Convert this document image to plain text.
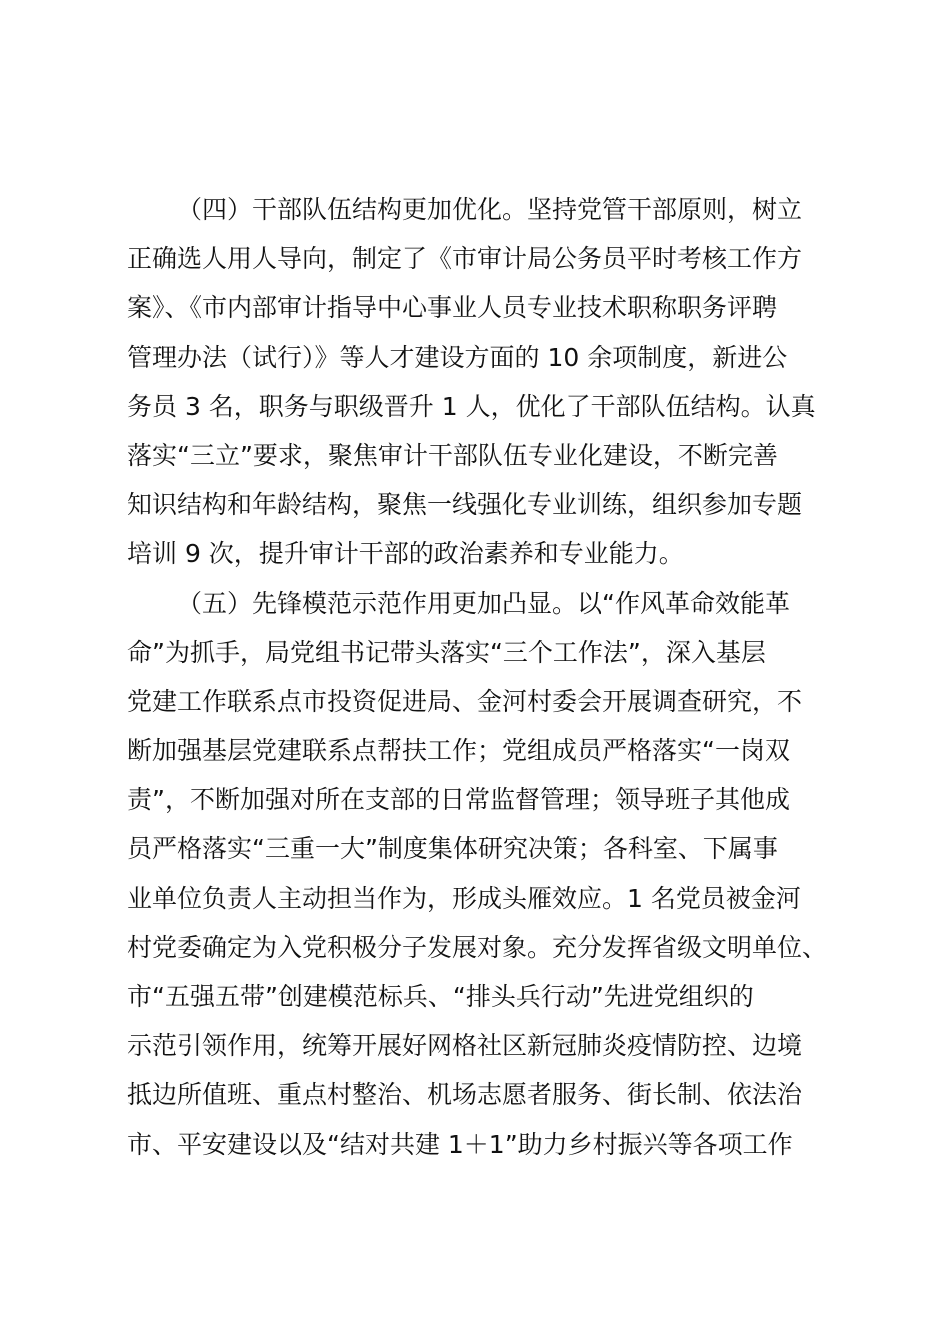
（四）干部队伍结构更加优化。坚持党管干部原则，树立
正确选人用人导向，制定了《市审计局公务员平时考核工作方
案》、《市内部审计指导中心事业人员专业技术职称职务评聘
管理办法（试行）》等人才建设方面的 10 余项制度，新进公
务员 3 名，职务与职级晋升 1 人，优化了干部队伍结构。认真
落实“三立”要求，聚焦审计干部队伍专业化建设，不断完善
知识结构和年龄结构，聚焦一线强化专业训练，组织参加专题
培训 9 次，提升审计干部的政治素养和专业能力。
（五）先锋模范示范作用更加凸显。以“作风革命效能革
命”为抓手，局党组书记带头落实“三个工作法”，深入基层
党建工作联系点市投资促进局、金河村委会开展调查研究，不
断加强基层党建联系点帮扶工作；党组成员严格落实“一岗双
责”，不断加强对所在支部的日常监督管理；领导班子其他成
员严格落实“三重一大”制度集体研究决策；各科室、下属事
业单位负责人主动担当作为，形成头雁效应。1 名党员被金河
村党委确定为入党积极分子发展对象。充分发挥省级文明单位、
市“五强五带”创建模范标兵、“排头兵行动”先进党组织的
示范引领作用，统筹开展好网格社区新冠肺炎疫情防控、边境
抵边所值班、重点村整治、机场志愿者服务、街长制、依法治
市、平安建设以及“结对共建 1＋1”助力乡村振兴等各项工作
